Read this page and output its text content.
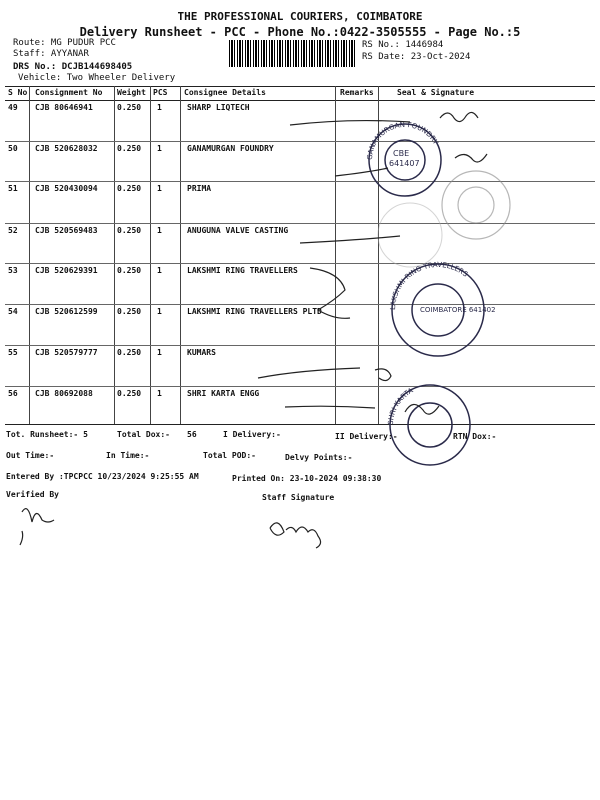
THE PROFESSIONAL COURIERS, COIMBATORE
Delivery Runsheet - PCC - Phone No.:0422-3505555 - Page No.:5
Route: MG PUDUR PCC
Staff: AYYANAR
DRS No.: DCJB144698405
Vehicle: Two Wheeler Delivery
RS No.: 1446984
RS Date: 23-Oct-2024
S No Consignment No Weight PCS Consignee Details	Remarks	Seal & Signature
49 CJB 80646941	0.250 1	SHARP LIQTECH
50 CJB 520628032 0.250 1	GANAMURGAN FOUNDRY
51 CJB 520430094 0.250 1	PRIMA
52 CJB 520569483 0.250 1	ANUGUNA VALVE CASTING
53 CJB 520629391 0.250 1	LAKSHMI RING TRAVELLERS
54 CJB 520612599 0.250 1	LAKSHMI RING TRAVELLERS PLTD
55 CJB 520579777 0.250 1	KUMARS
56 CJB 80692088	0.250 1	SHRI KARTA ENGG
CBE
641407
GANAMURGAN FOUNDRY
LAKSHMI RING TRAVELLERS
COIMBATORE 641402
SHRI KARTA
Tot. Runsheet:- 5	Total Dox:- 56	I Delivery:-	II Delivery:-	RTN Dox:-
Out Time:-	In Time:-	Total POD:-	Delvy Points:-
Entered By :TPCPCC 10/23/2024 9:25:55 AM	Printed On: 23-10-2024 09:38:30
Verified By	Staff Signature
